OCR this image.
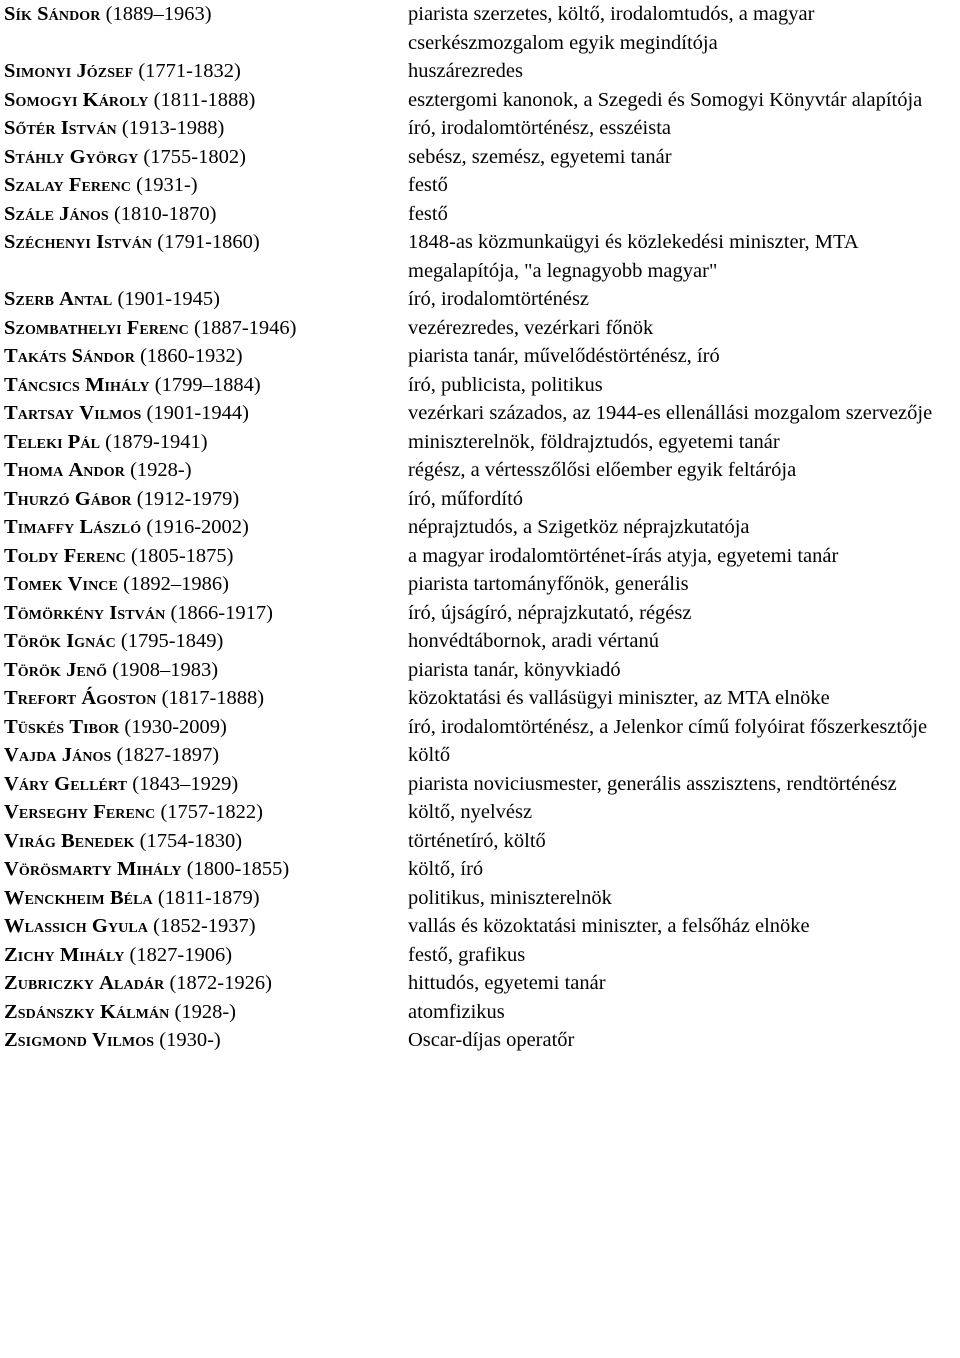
Sík Sándor (1889–1963)	piarista szerzetes, költő, irodalomtudós, a magyar cserkészmozgalom egyik megindítója
Simonyi József (1771-1832)	huszárezredes
Somogyi Károly (1811-1888)	esztergomi kanonok, a Szegedi és Somogyi Könyvtár alapítója
Sőtér István (1913-1988)	író, irodalomtörténész, esszéista
Stáhly György (1755-1802)	sebész, szemész, egyetemi tanár
Szalay Ferenc (1931-)	festő
Szále János (1810-1870)	festő
Széchenyi István (1791-1860)	1848-as közmunkaügyi és közlekedési miniszter, MTA megalapítója, "a legnagyobb magyar"
Szerb Antal (1901-1945)	író, irodalomtörténész
Szombathelyi Ferenc (1887-1946)	vezérezredes, vezérkari főnök
Takáts Sándor (1860-1932)	piarista tanár, művelődéstörténész, író
Táncsics Mihály (1799–1884)	író, publicista, politikus
Tartsay Vilmos (1901-1944)	vezérkari százados, az 1944-es ellenállási mozgalom szervezője
Teleki Pál (1879-1941)	miniszterelnök, földrajztudós, egyetemi tanár
Thoma Andor (1928-)	régész, a vértesszőlősi előember egyik feltárója
Thurzó Gábor (1912-1979)	író, műfordító
Timaffy László (1916-2002)	néprajztudós, a Szigetköz néprajzkutatója
Toldy Ferenc (1805-1875)	a magyar irodalomtörténet-írás atyja, egyetemi tanár
Tomek Vince (1892–1986)	piarista tartományfőnök, generális
Tömörkény István (1866-1917)	író, újságíró, néprajzkutató, régész
Török Ignác (1795-1849)	honvédtábornok, aradi vértanú
Török Jenő (1908–1983)	piarista tanár, könyvkiadó
Trefort Ágoston (1817-1888)	közoktatási és vallásügyi miniszter, az MTA elnöke
Tüskés Tibor (1930-2009)	író, irodalomtörténész, a Jelenkor című folyóirat főszerkesztője
Vajda János (1827-1897)	költő
Váry Gellért (1843–1929)	piarista noviciusmester, generális asszisztens, rendtörténész
Verseghy Ferenc (1757-1822)	költő, nyelvész
Virág Benedek (1754-1830)	történetíró, költő
Vörösmarty Mihály (1800-1855)	költő, író
Wenckheim Béla (1811-1879)	politikus, miniszterelnök
Wlassich Gyula (1852-1937)	vallás és közoktatási miniszter, a felsőház elnöke
Zichy Mihály (1827-1906)	festő, grafikus
Zubriczky Aladár (1872-1926)	hittudós, egyetemi tanár
Zsdánszky Kálmán (1928-)	atomfizikus
Zsigmond Vilmos (1930-)	Oscar-díjas operatőr
